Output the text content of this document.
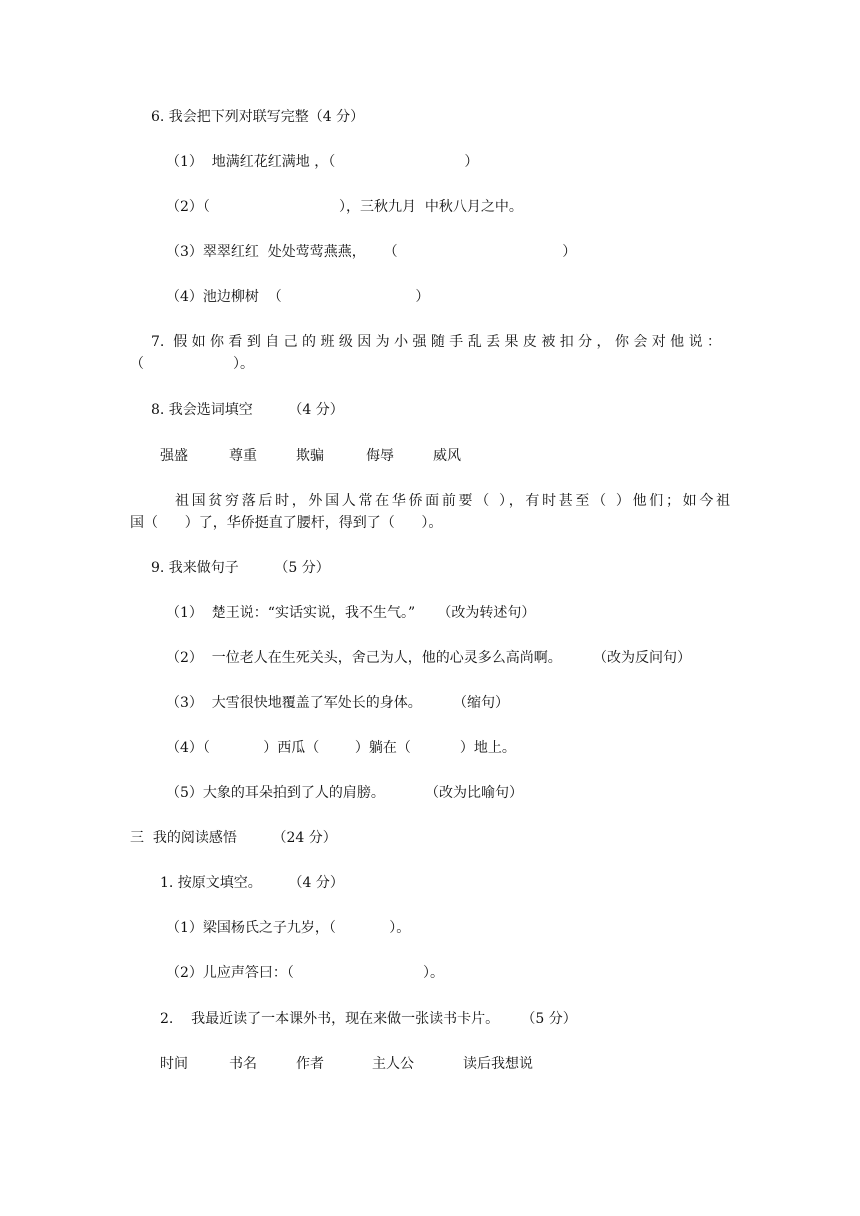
6. 我会把下列对联写完整（4 分）
（1）  地满红花红满地 ，（                             ）
（2）（                             ），三秋九月  中秋八月之中。
（3）翠翠红红  处处莺莺燕燕，    （                                     ）
（4）池边柳树  （                              ）
7. 假如你看到自己的班级因为小强随手乱丢果皮被扣分，你会对他说：
（                    ）。
8. 我会选词填空        （4 分）
强盛	尊重	欺骗	侮辱	威风
祖国贫穷落后时，外国人常在华侨面前要（ ），有时甚至（ ）他们；如今祖
国（      ）了，华侨挺直了腰杆，得到了（      ）。
9. 我来做句子        （5 分）
（1）  楚王说：“实话实说，我不生气。”     （改为转述句）
（2）  一位老人在生死关头，舍己为人，他的心灵多么高尚啊。       （改为反问句）
（3）  大雪很快地覆盖了军处长的身体。       （缩句）
（4）（            ）西瓜（        ）躺在（           ）地上。
（5）大象的耳朵拍到了人的肩膀。         （改为比喻句）
三  我的阅读感悟        （24 分）
1. 按原文填空。      （4 分）
（1）梁国杨氏之子九岁，（            ）。
（2）儿应声答曰：（                             ）。
2.    我最近读了一本课外书，现在来做一张读书卡片。     （5 分）
时间	书名	作者	主人公	读后我想说
